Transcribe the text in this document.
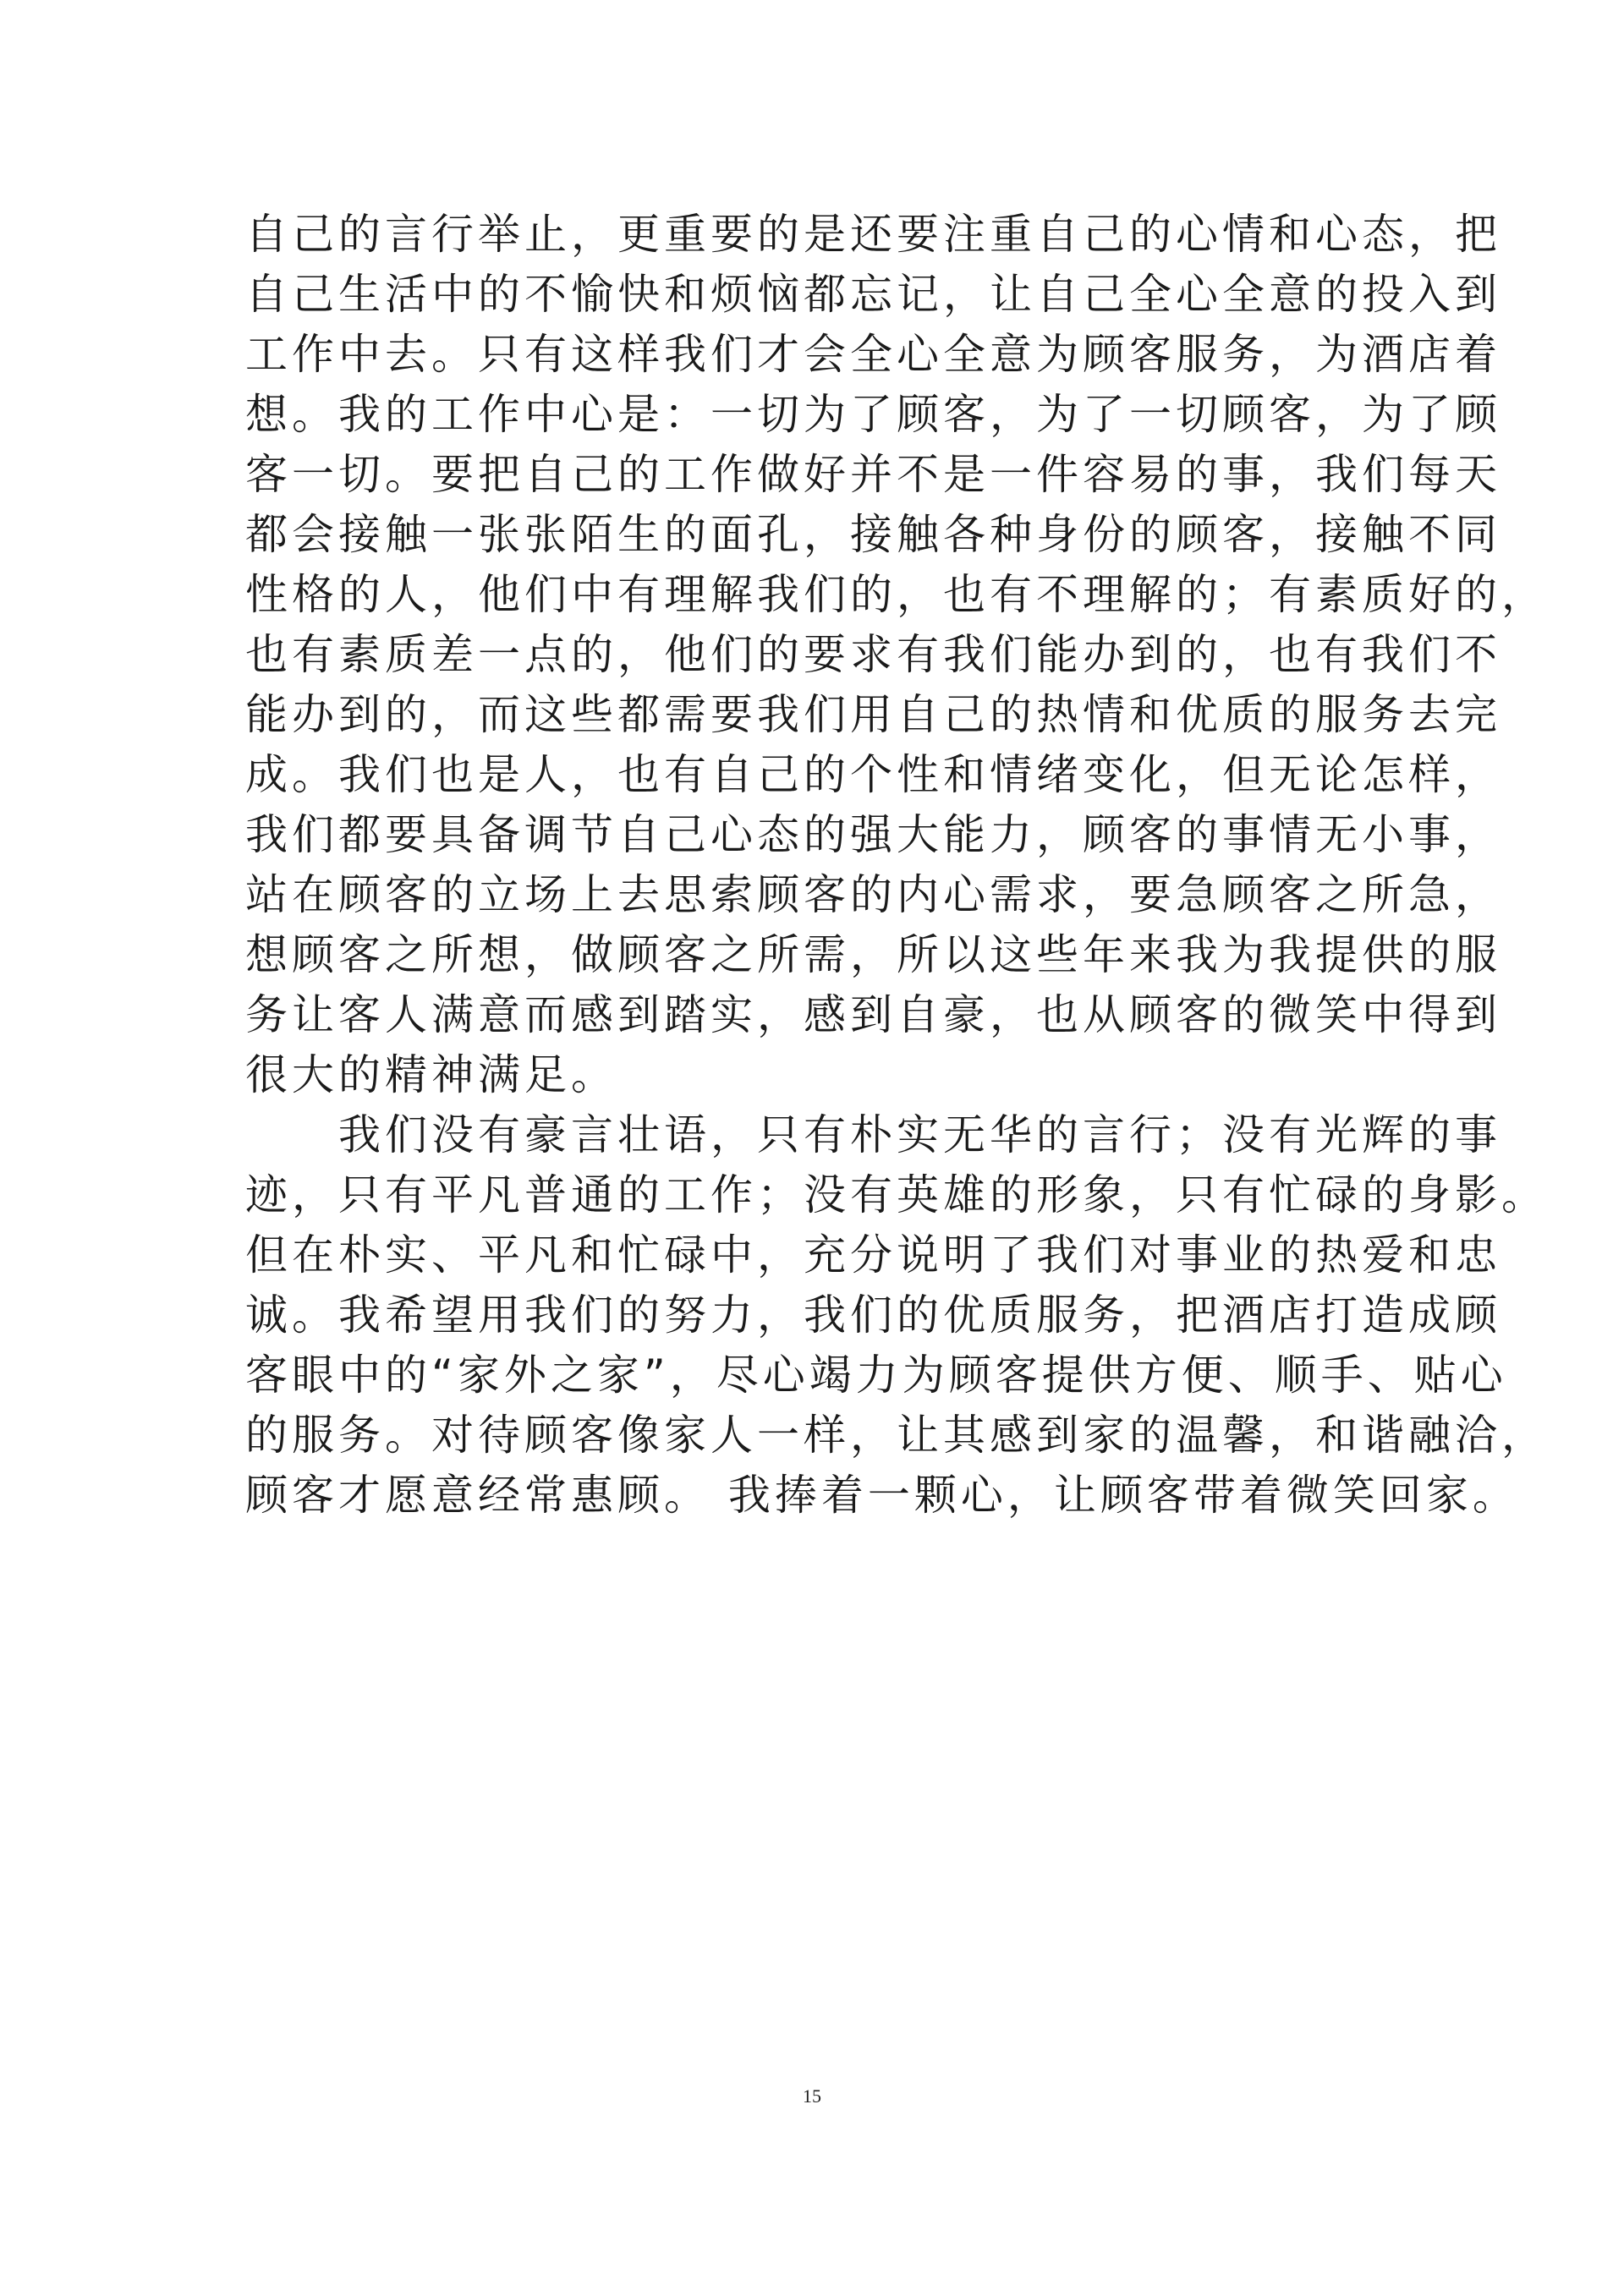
自己的言行举止，更重要的是还要注重自己的心情和心态，把
自己生活中的不愉快和烦恼都忘记，让自己全心全意的投入到
工作中去。只有这样我们才会全心全意为顾客服务，为酒店着
想。我的工作中心是：一切为了顾客，为了一切顾客，为了顾
客一切。要把自己的工作做好并不是一件容易的事，我们每天
都会接触一张张陌生的面孔，接触各种身份的顾客，接触不同
性格的人，他们中有理解我们的，也有不理解的；有素质好的，
也有素质差一点的，他们的要求有我们能办到的，也有我们不
能办到的，而这些都需要我们用自己的热情和优质的服务去完
成。我们也是人，也有自己的个性和情绪变化，但无论怎样，
我们都要具备调节自己心态的强大能力，顾客的事情无小事，
站在顾客的立场上去思索顾客的内心需求，要急顾客之所急，
想顾客之所想，做顾客之所需，所以这些年来我为我提供的服
务让客人满意而感到踏实，感到自豪，也从顾客的微笑中得到
很大的精神满足。
我们没有豪言壮语，只有朴实无华的言行；没有光辉的事
迹，只有平凡普通的工作；没有英雄的形象，只有忙碌的身影。
但在朴实、平凡和忙碌中，充分说明了我们对事业的热爱和忠
诚。我希望用我们的努力，我们的优质服务，把酒店打造成顾
客眼中的“家外之家”，尽心竭力为顾客提供方便、顺手、贴心
的服务。对待顾客像家人一样，让其感到家的温馨，和谐融洽，
顾客才愿意经常惠顾。 我捧着一颗心，让顾客带着微笑回家。
15
